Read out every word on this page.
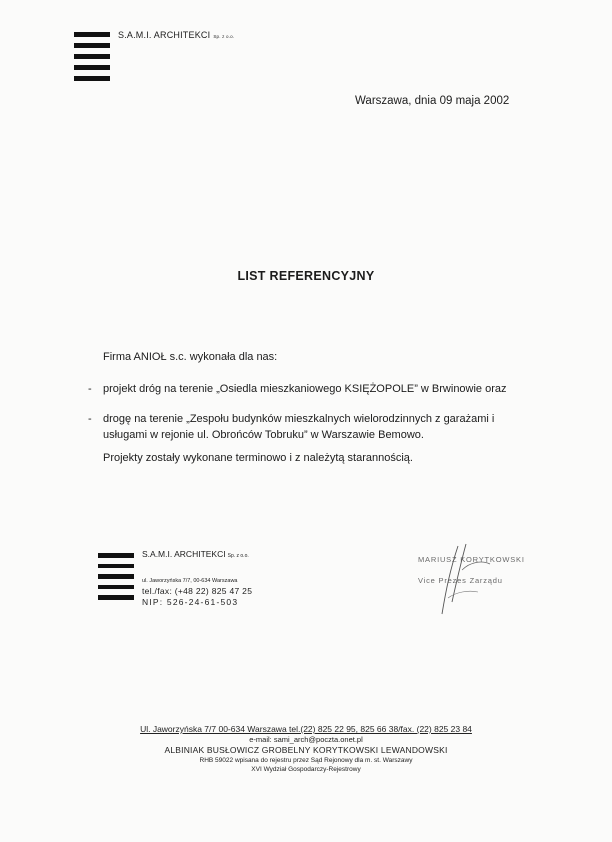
S.A.M.I. ARCHITEKCI Sp. z o.o.
Warszawa, dnia 09 maja 2002
LIST REFERENCYJNY
Firma ANIOŁ s.c. wykonała dla nas:
- projekt dróg na terenie „Osiedla mieszkaniowego KSIĘŻOPOLE” w Brwinowie oraz
- drogę na terenie „Zespołu budynków mieszkalnych wielorodzinnych z garażami i usługami w rejonie ul. Obrońców Tobruku” w Warszawie Bemowo.
Projekty zostały wykonane terminowo i z należytą starannością.
S.A.M.I. ARCHITEKCI Sp. z o.o.
ul. Jaworzyńska 7/7, 00-634 Warszawa
tel./fax: (+48 22) 825 47 25
NIP: 526-24-61-503
MARIUSZ KORYTKOWSKI
Vice Prezes Zarządu
Ul. Jaworzyńska 7/7 00-634 Warszawa tel.(22) 825 22 95, 825 66 38/fax. (22) 825 23 84
e-mail: sami_arch@poczta.onet.pl
ALBINIAK BUSŁOWICZ GROBELNY KORYTKOWSKI LEWANDOWSKI
RHB 59022 wpisana do rejestru przez Sąd Rejonowy dla m. st. Warszawy
XVI Wydział Gospodarczy-Rejestrowy
